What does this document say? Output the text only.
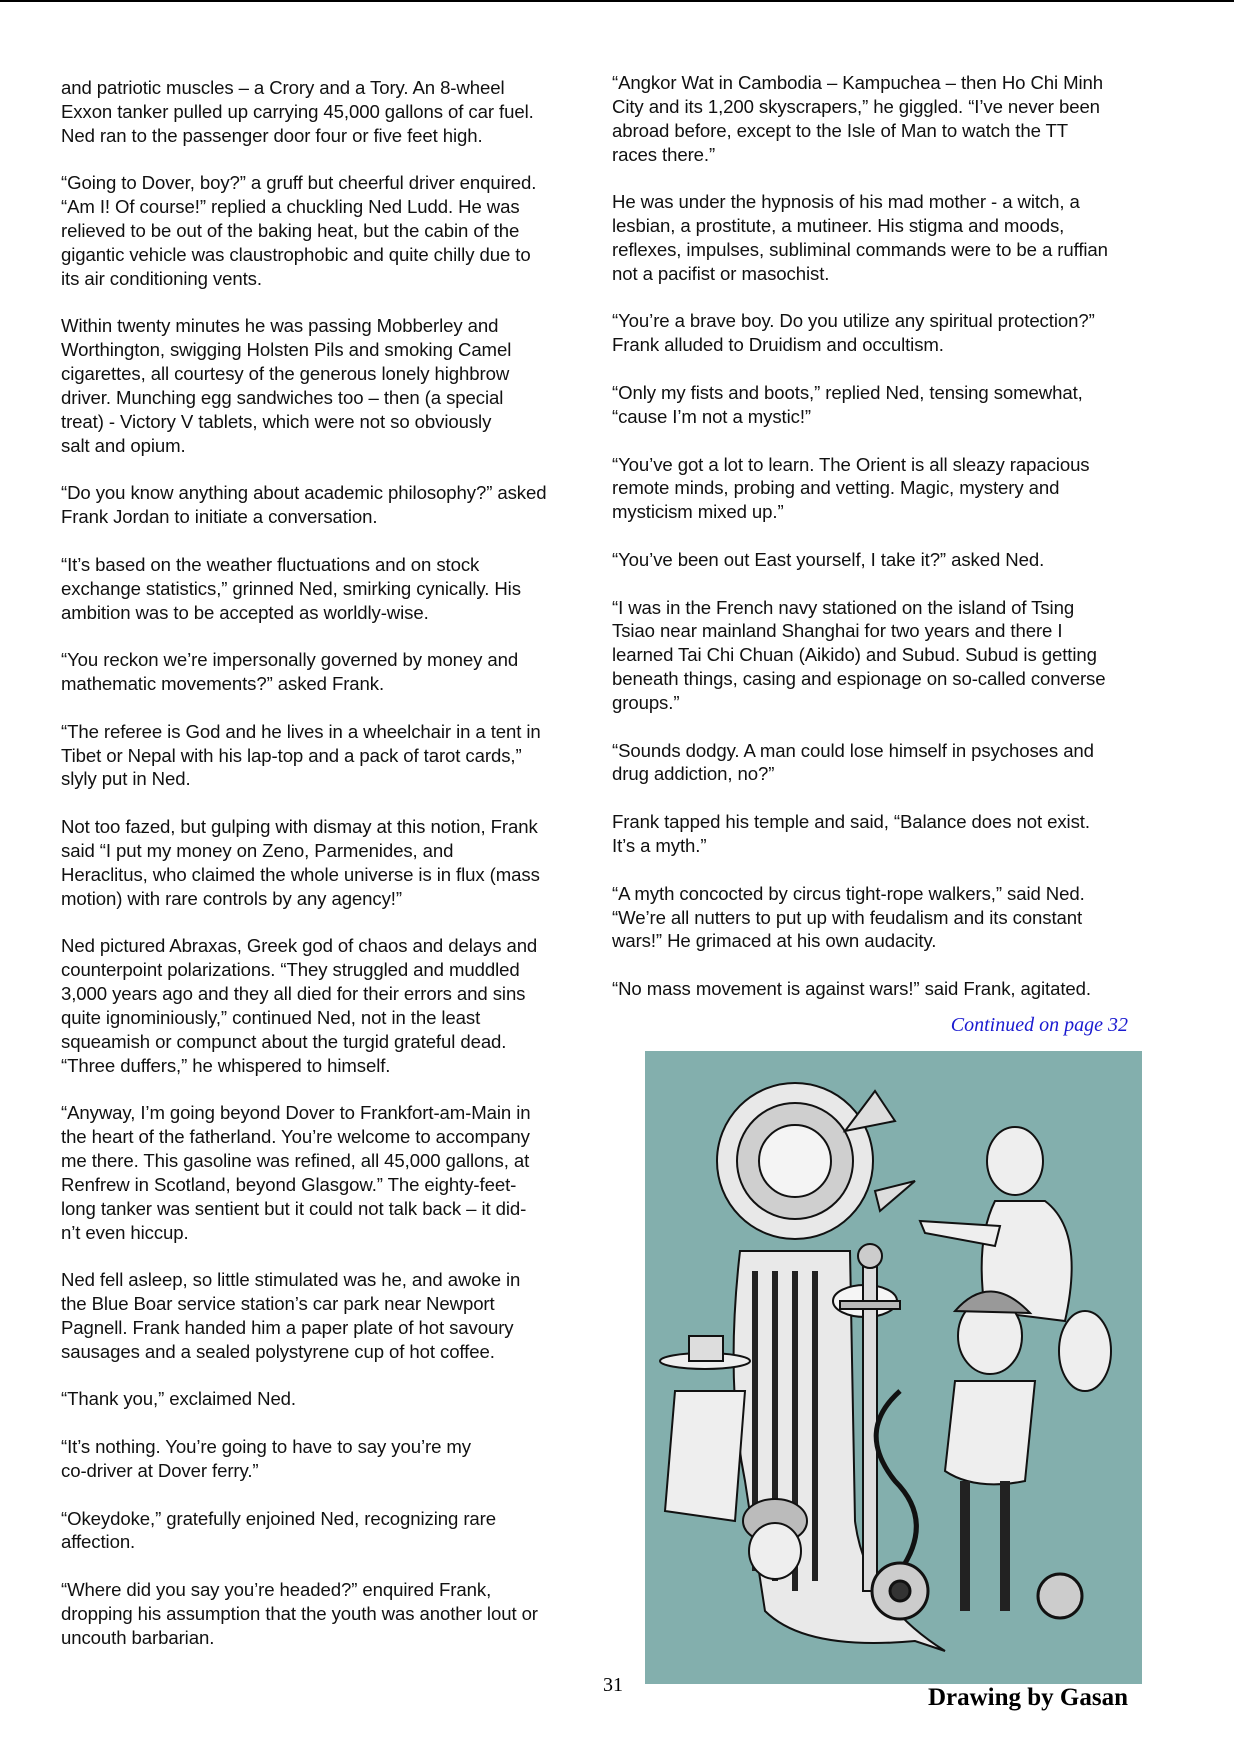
and patriotic muscles – a Crory and a Tory. An 8-wheel
Exxon tanker pulled up carrying 45,000 gallons of car fuel.
Ned ran to the passenger door four or five feet high.

“Going to Dover, boy?” a gruff but cheerful driver enquired.
“Am I! Of course!” replied a chuckling Ned Ludd. He was
relieved to be out of the baking heat, but the cabin of the
gigantic vehicle was claustrophobic and quite chilly due to
its air conditioning vents.

Within twenty minutes he was passing Mobberley and
Worthington, swigging Holsten Pils and smoking Camel
cigarettes, all courtesy of the generous lonely highbrow
driver. Munching egg sandwiches too – then (a special
treat) - Victory V tablets, which were not so obviously
salt and opium.

“Do you know anything about academic philosophy?” asked
Frank Jordan to initiate a conversation.

“It’s based on the weather fluctuations and on stock
exchange statistics,” grinned Ned, smirking cynically. His
ambition was to be accepted as worldly-wise.

“You reckon we’re impersonally governed by money and
mathematic movements?” asked Frank.

“The referee is God and he lives in a wheelchair in a tent in
Tibet or Nepal with his lap-top and a pack of tarot cards,”
slyly put in Ned.

Not too fazed, but gulping with dismay at this notion, Frank
said “I put my money on Zeno, Parmenides, and
Heraclitus, who claimed the whole universe is in flux (mass
motion) with rare controls by any agency!”

Ned pictured Abraxas, Greek god of chaos and delays and
counterpoint polarizations. “They struggled and muddled
3,000 years ago and they all died for their errors and sins
quite ignominiously,” continued Ned, not in the least
squeamish or compunct about the turgid grateful dead.
“Three duffers,” he whispered to himself.

“Anyway, I’m going beyond Dover to Frankfort-am-Main in
the heart of the fatherland. You’re welcome to accompany
me there. This gasoline was refined, all 45,000 gallons, at
Renfrew in Scotland, beyond Glasgow.” The eighty-feet-
long tanker was sentient but it could not talk back – it did-
n’t even hiccup.

Ned fell asleep, so little stimulated was he, and awoke in
the Blue Boar service station’s car park near Newport
Pagnell. Frank handed him a paper plate of hot savoury
sausages and a sealed polystyrene cup of hot coffee.

“Thank you,” exclaimed Ned.

“It’s nothing. You’re going to have to say you’re my
co-driver at Dover ferry.”

“Okeydoke,” gratefully enjoined Ned, recognizing rare
affection.

“Where did you say you’re headed?” enquired Frank,
dropping his assumption that the youth was another lout or
uncouth barbarian.

“Angkor Wat in Cambodia – Kampuchea – then Ho Chi Minh
City and its 1,200 skyscrapers,” he giggled. “I’ve never been
abroad before, except to the Isle of Man to watch the TT
races there.”

He was under the hypnosis of his mad mother - a witch, a
lesbian, a prostitute, a mutineer. His stigma and moods,
reflexes, impulses, subliminal commands were to be a ruffian
not a pacifist or masochist.

“You’re a brave boy. Do you utilize any spiritual protection?”
Frank alluded to Druidism and occultism.

“Only my fists and boots,” replied Ned, tensing somewhat,
“cause I’m not a mystic!”

“You’ve got a lot to learn. The Orient is all sleazy rapacious
remote minds, probing and vetting. Magic, mystery and
mysticism mixed up.”

“You’ve been out East yourself, I take it?” asked Ned.

“I was in the French navy stationed on the island of Tsing
Tsiao near mainland Shanghai for two years and there I
learned Tai Chi Chuan (Aikido) and Subud. Subud is getting
beneath things, casing and espionage on so-called converse
groups.”

“Sounds dodgy. A man could lose himself in psychoses and
drug addiction, no?”

Frank tapped his temple and said, “Balance does not exist.
It’s a myth.”

“A myth concocted by circus tight-rope walkers,” said Ned.
“We’re all nutters to put up with feudalism and its constant
wars!” He grimaced at his own audacity.

“No mass movement is against wars!” said Frank, agitated.

Continued on page 32
31	Drawing by Gasan
